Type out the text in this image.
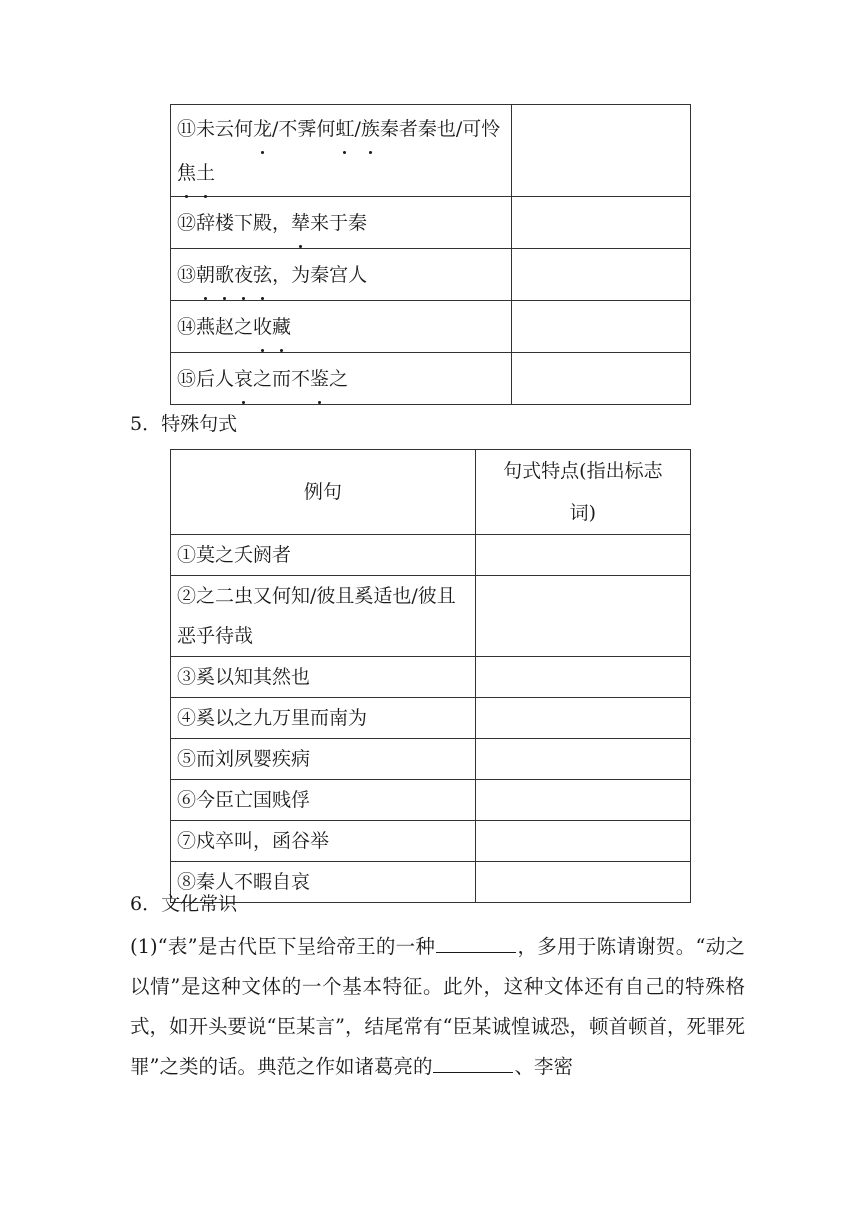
⑪未云何龙/不霁何虹/族秦者秦也/可怜焦土	
⑫辞楼下殿，辇来于秦	
⑬朝歌夜弦，为秦宫人	
⑭燕赵之收藏	
⑮后人哀之而不鉴之	
5．特殊句式
例句	句式特点(指出标志
词)
①莫之夭阏者	
②之二虫又何知/彼且奚适也/彼且恶乎待哉	
③奚以知其然也	
④奚以之九万里而南为	
⑤而刘夙婴疾病	
⑥今臣亡国贱俘	
⑦戍卒叫，函谷举	
⑧秦人不暇自哀	
6．文化常识
(1)“表”是古代臣下呈给帝王的一种	，多用于陈请谢贺。“动之以情”是这种文体的一个基本特征。此外，这种文体还有自己的特殊格式，如开头要说“臣某言”，结尾常有“臣某诚惶诚恐，顿首顿首，死罪死罪”之类的话。典范之作如诸葛亮的	、李密
